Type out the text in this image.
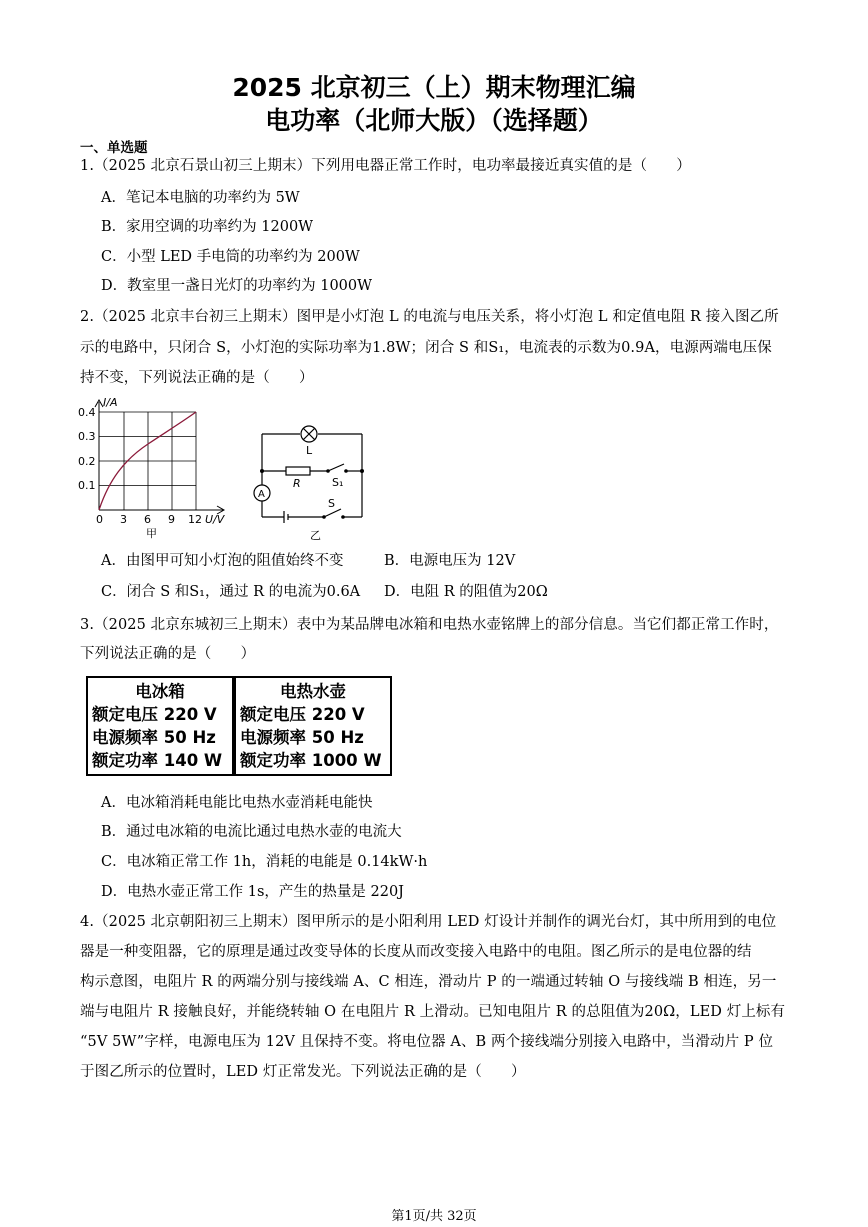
2025 北京初三（上）期末物理汇编
电功率（北师大版）（选择题）
一、单选题
1.（2025 北京石景山初三上期末）下列用电器正常工作时，电功率最接近真实值的是（　　）
A．笔记本电脑的功率约为 5W
B．家用空调的功率约为 1200W
C．小型 LED 手电筒的功率约为 200W
D．教室里一盏日光灯的功率约为 1000W
2.（2025 北京丰台初三上期末）图甲是小灯泡 L 的电流与电压关系，将小灯泡 L 和定值电阻 R 接入图乙所
示的电路中，只闭合 S，小灯泡的实际功率为1.8W；闭合 S 和S₁，电流表的示数为0.9A，电源两端电压保
持不变，下列说法正确的是（　　）
0.4
0.3
0.2
0.1
I/A
0 3 6 9 12 U/V
甲
L
R	S₁
S
A
乙
A．由图甲可知小灯泡的阻值始终不变	B．电源电压为 12V
C．闭合 S 和S₁，通过 R 的电流为0.6A D．电阻 R 的阻值为20Ω
3.（2025 北京东城初三上期末）表中为某品牌电冰箱和电热水壶铭牌上的部分信息。当它们都正常工作时，
下列说法正确的是（　　）
电冰箱
额定电压 220 V
电源频率 50 Hz
额定功率 140 W
电热水壶
额定电压 220 V
电源频率 50 Hz
额定功率 1000 W
A．电冰箱消耗电能比电热水壶消耗电能快
B．通过电冰箱的电流比通过电热水壶的电流大
C．电冰箱正常工作 1h，消耗的电能是 0.14kW·h
D．电热水壶正常工作 1s，产生的热量是 220J
4.（2025 北京朝阳初三上期末）图甲所示的是小阳利用 LED 灯设计并制作的调光台灯，其中所用到的电位
器是一种变阻器，它的原理是通过改变导体的长度从而改变接入电路中的电阻。图乙所示的是电位器的结
构示意图，电阻片 R 的两端分别与接线端 A、C 相连，滑动片 P 的一端通过转轴 O 与接线端 B 相连，另一
端与电阻片 R 接触良好，并能绕转轴 O 在电阻片 R 上滑动。已知电阻片 R 的总阻值为20Ω，LED 灯上标有
“5V 5W”字样，电源电压为 12V 且保持不变。将电位器 A、B 两个接线端分别接入电路中，当滑动片 P 位
于图乙所示的位置时，LED 灯正常发光。下列说法正确的是（　　）
第1页/共 32页
